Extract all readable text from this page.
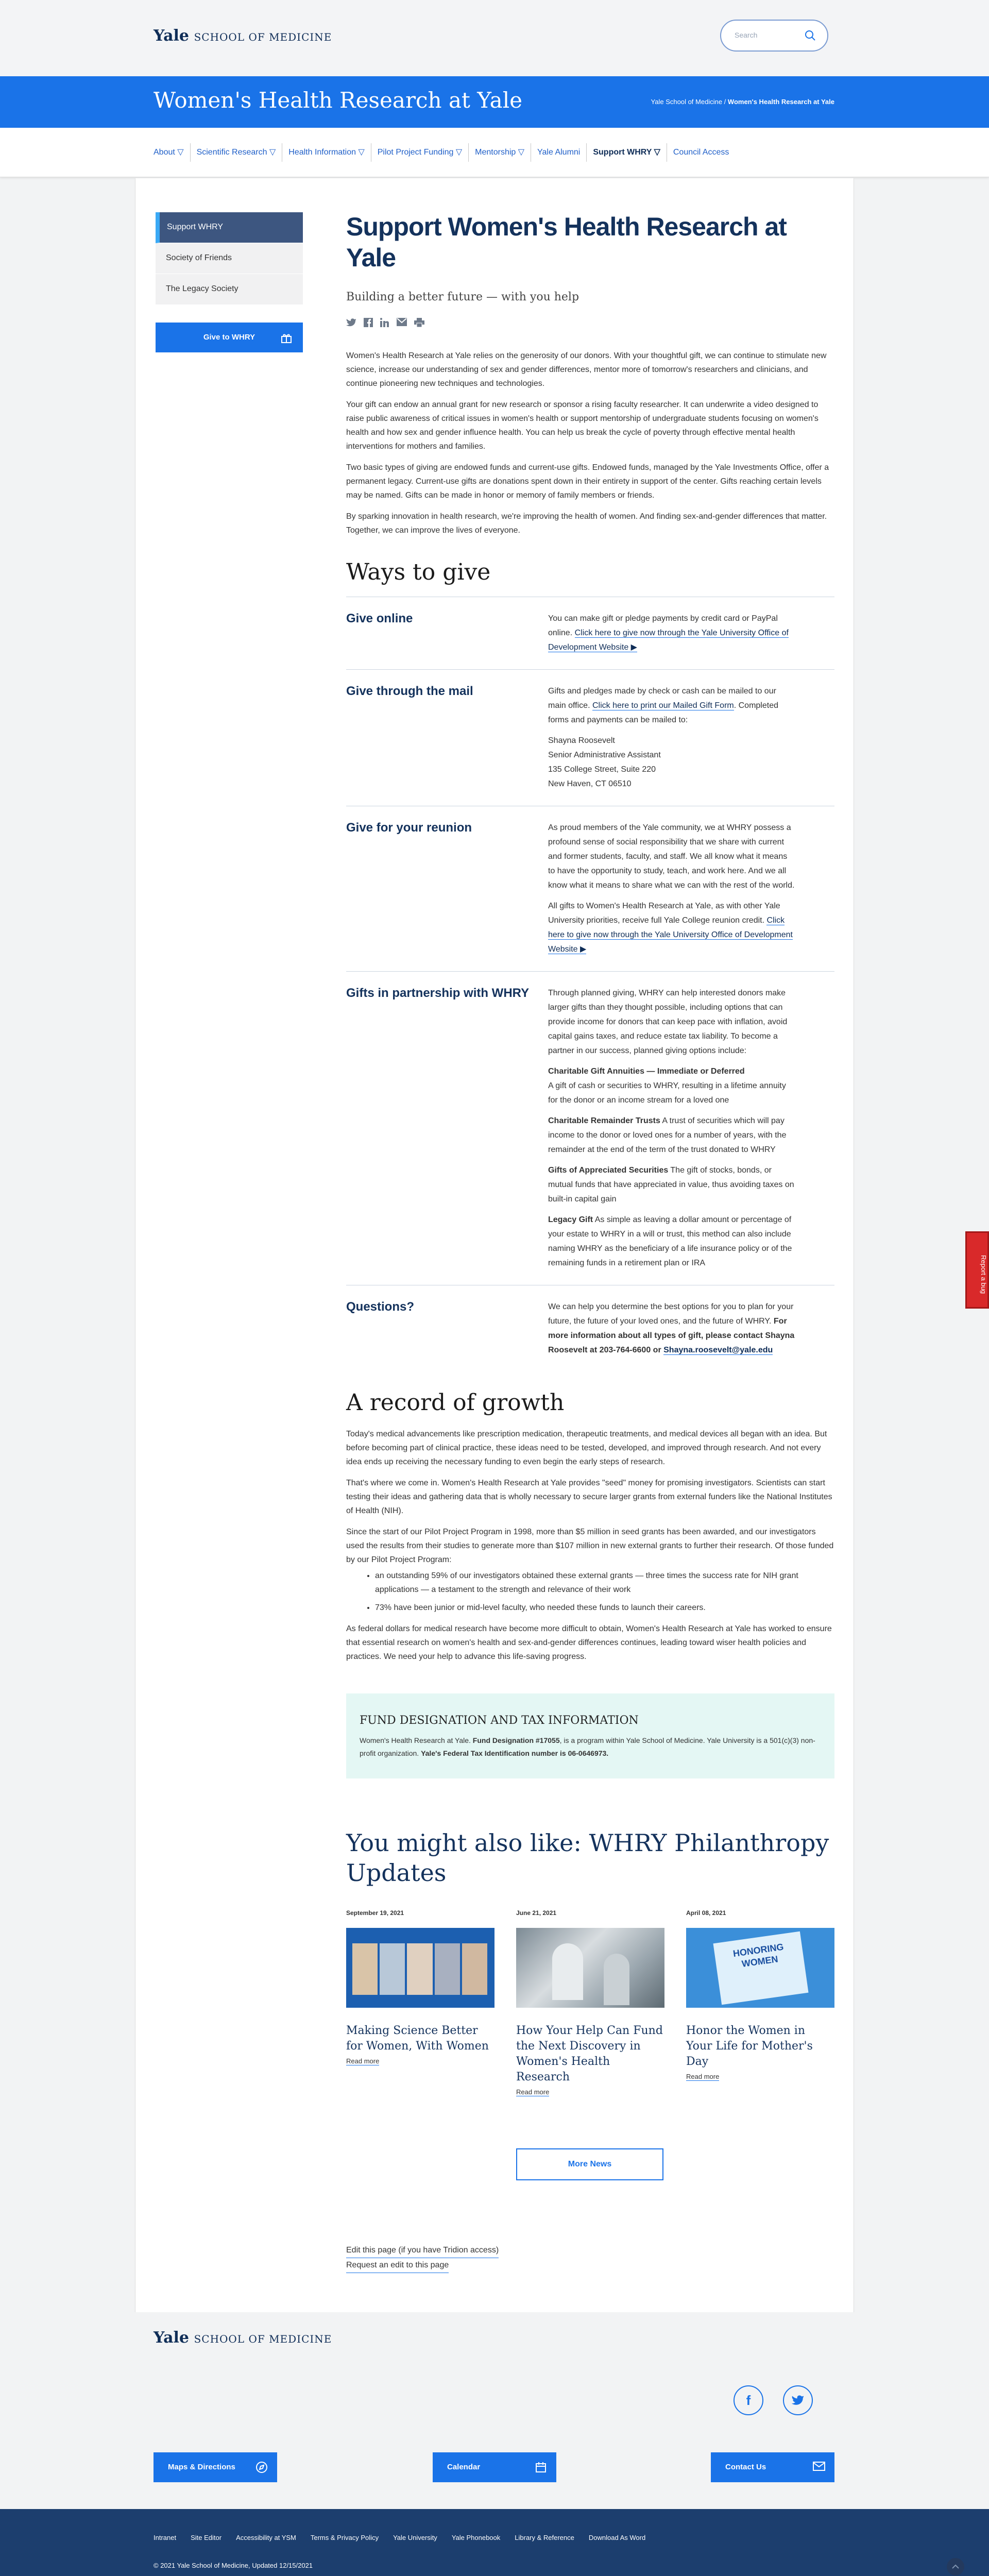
Yale SCHOOL OF MEDICINE	Search
Women's Health Research at Yale	Yale School of Medicine / Women's Health Research at Yale
About ▽	Scientific Research ▽	Health Information ▽	Pilot Project Funding ▽	Mentorship ▽	Yale Alumni	Support WHRY ▽	Council Access
Support WHRY
Society of Friends
The Legacy Society
Give to WHRY
Support Women's Health Research at Yale
Building a better future — with you help

Women's Health Research at Yale relies on the generosity of our donors. With your thoughtful gift, we can continue to stimulate new science, increase our understanding of sex and gender differences, mentor more of tomorrow's researchers and clinicians, and continue pioneering new techniques and technologies.

Your gift can endow an annual grant for new research or sponsor a rising faculty researcher. It can underwrite a video designed to raise public awareness of critical issues in women's health or support mentorship of undergraduate students focusing on women's health and how sex and gender influence health. You can help us break the cycle of poverty through effective mental health interventions for mothers and families.

Two basic types of giving are endowed funds and current-use gifts. Endowed funds, managed by the Yale Investments Office, offer a permanent legacy. Current-use gifts are donations spent down in their entirety in support of the center. Gifts reaching certain levels may be named. Gifts can be made in honor or memory of family members or friends.

By sparking innovation in health research, we're improving the health of women. And finding sex-and-gender differences that matter. Together, we can improve the lives of everyone.

Ways to give
Give online	You can make gift or pledge payments by credit card or PayPal online. Click here to give now through the Yale University Office of Development Website ▶
Give through the mail	Gifts and pledges made by check or cash can be mailed to our main office. Click here to print our Mailed Gift Form. Completed forms and payments can be mailed to:

Shayna Roosevelt
Senior Administrative Assistant
135 College Street, Suite 220
New Haven, CT 06510

Give for your reunion	As proud members of the Yale community, we at WHRY possess a profound sense of social responsibility that we share with current and former students, faculty, and staff. We all know what it means to have the opportunity to study, teach, and work here. And we all know what it means to share what we can with the rest of the world.

All gifts to Women's Health Research at Yale, as with other Yale University priorities, receive full Yale College reunion credit. Click here to give now through the Yale University Office of Development Website ▶

Gifts in partnership with WHRY	Through planned giving, WHRY can help interested donors make larger gifts than they thought possible, including options that can provide income for donors that can keep pace with inflation, avoid capital gains taxes, and reduce estate tax liability. To become a partner in our success, planned giving options include:

Charitable Gift Annuities — Immediate or Deferred
A gift of cash or securities to WHRY, resulting in a lifetime annuity for the donor or an income stream for a loved one

Charitable Remainder Trusts A trust of securities which will pay income to the donor or loved ones for a number of years, with the remainder at the end of the term of the trust donated to WHRY

Gifts of Appreciated Securities The gift of stocks, bonds, or mutual funds that have appreciated in value, thus avoiding taxes on built-in capital gain

Legacy Gift As simple as leaving a dollar amount or percentage of your estate to WHRY in a will or trust, this method can also include naming WHRY as the beneficiary of a life insurance policy or of the remaining funds in a retirement plan or IRA

Questions?	We can help you determine the best options for you to plan for your future, the future of your loved ones, and the future of WHRY. For more information about all types of gift, please contact Shayna Roosevelt at 203-764-6600 or Shayna.roosevelt@yale.edu
A record of growth

Today's medical advancements like prescription medication, therapeutic treatments, and medical devices all began with an idea. But before becoming part of clinical practice, these ideas need to be tested, developed, and improved through research. And not every idea ends up receiving the necessary funding to even begin the early steps of research.

That's where we come in. Women's Health Research at Yale provides "seed" money for promising investigators. Scientists can start testing their ideas and gathering data that is wholly necessary to secure larger grants from external funders like the National Institutes of Health (NIH).

Since the start of our Pilot Project Program in 1998, more than $5 million in seed grants has been awarded, and our investigators used the results from their studies to generate more than $107 million in new external grants to further their research. Of those funded by our Pilot Project Program:

• an outstanding 59% of our investigators obtained these external grants — three times the success rate for NIH grant applications — a testament to the strength and relevance of their work
• 73% have been junior or mid-level faculty, who needed these funds to launch their careers.

As federal dollars for medical research have become more difficult to obtain, Women's Health Research at Yale has worked to ensure that essential research on women's health and sex-and-gender differences continues, leading toward wiser health policies and practices. We need your help to advance this life-saving progress.

FUND DESIGNATION AND TAX INFORMATION

Women's Health Research at Yale. Fund Designation #17055, is a program within Yale School of Medicine. Yale University is a 501(c)(3) non-profit organization. Yale's Federal Tax Identification number is 06-0646973.

You might also like: WHRY Philanthropy Updates
September 19, 2021
Making Science Better for Women, With Women
Read more
June 21, 2021
How Your Help Can Fund the Next Discovery in Women's Health Research
Read more
April 08, 2021
HONORING WOMEN
Honor the Women in Your Life for Mother's Day
Read more
More News
Edit this page (if you have Tridion access)
Request an edit to this page
Report a bug
Yale SCHOOL OF MEDICINE
f
Maps & Directions	Calendar	Contact Us
Intranet Site Editor Accessibility at YSM Terms & Privacy Policy Yale University Yale Phonebook Library & Reference Download As Word
© 2021 Yale School of Medicine, Updated 12/15/2021
